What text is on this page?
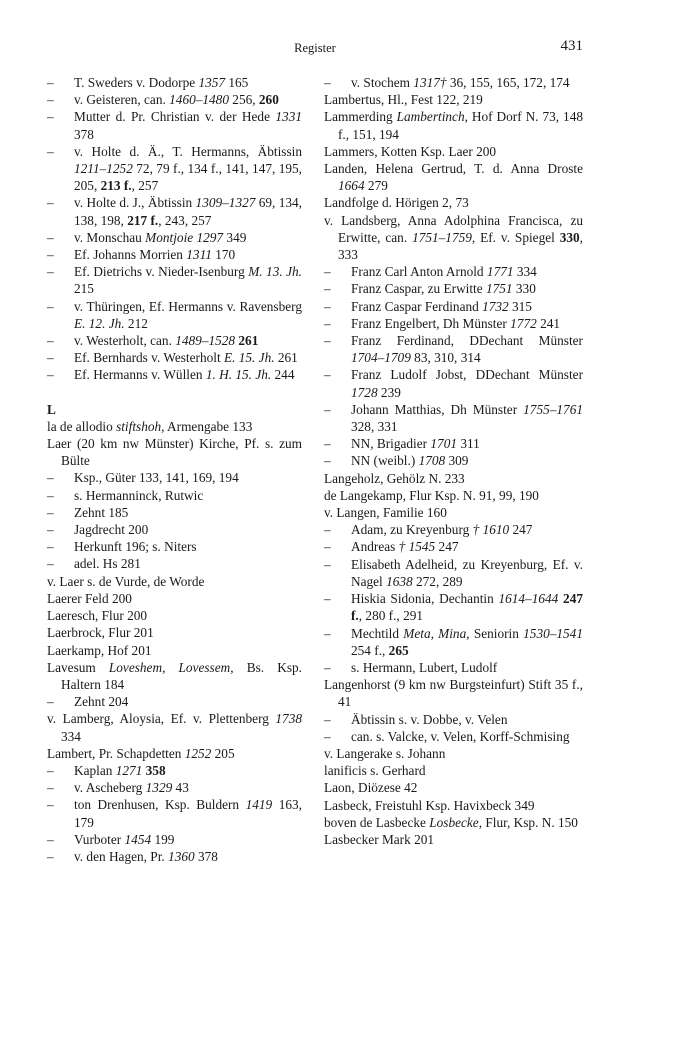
Register	431
–	T. Sweders v. Dodorpe 1357 165
–	v. Geisteren, can. 1460–1480 256, 260
–	Mutter d. Pr. Christian v. der Hede 1331 378
–	v. Holte d. Ä., T. Hermanns, Äbtissin 1211–1252 72, 79 f., 134 f., 141, 147, 195, 205, 213 f., 257
–	v. Holte d. J., Äbtissin 1309–1327 69, 134, 138, 198, 217 f., 243, 257
–	v. Monschau Montjoie 1297 349
–	Ef. Johanns Morrien 1311 170
–	Ef. Dietrichs v. Nieder-Isenburg M. 13. Jh. 215
–	v. Thüringen, Ef. Hermanns v. Ravensberg E. 12. Jh. 212
–	v. Westerholt, can. 1489–1528 261
–	Ef. Bernhards v. Westerholt E. 15. Jh. 261
–	Ef. Hermanns v. Wüllen 1. H. 15. Jh. 244
L
la de allodio stiftshoh, Armengabe 133
Laer (20 km nw Münster) Kirche, Pf. s. zum Bülte
–	Ksp., Güter 133, 141, 169, 194
–	s. Hermanninck, Rutwic
–	Zehnt 185
–	Jagdrecht 200
–	Herkunft 196; s. Niters
–	adel. Hs 281
v. Laer s. de Vurde, de Worde
Laerer Feld 200
Laeresch, Flur 200
Laerbrock, Flur 201
Laerkamp, Hof 201
Lavesum Loveshem, Lovessem, Bs. Ksp. Haltern 184
–	Zehnt 204
v. Lamberg, Aloysia, Ef. v. Plettenberg 1738 334
Lambert, Pr. Schapdetten 1252 205
–	Kaplan 1271 358
–	v. Ascheberg 1329 43
–	ton Drenhusen, Ksp. Buldern 1419 163, 179
–	Vurboter 1454 199
–	v. den Hagen, Pr. 1360 378
–	v. Stochem 1317† 36, 155, 165, 172, 174
Lambertus, Hl., Fest 122, 219
Lammerding Lambertinch, Hof Dorf N. 73, 148 f., 151, 194
Lammers, Kotten Ksp. Laer 200
Landen, Helena Gertrud, T. d. Anna Droste 1664 279
Landfolge d. Hörigen 2, 73
v. Landsberg, Anna Adolphina Francisca, zu Erwitte, can. 1751–1759, Ef. v. Spiegel 330, 333
–	Franz Carl Anton Arnold 1771 334
–	Franz Caspar, zu Erwitte 1751 330
–	Franz Caspar Ferdinand 1732 315
–	Franz Engelbert, Dh Münster 1772 241
–	Franz Ferdinand, DDechant Münster 1704–1709 83, 310, 314
–	Franz Ludolf Jobst, DDechant Münster 1728 239
–	Johann Matthias, Dh Münster 1755–1761 328, 331
–	NN, Brigadier 1701 311
–	NN (weibl.) 1708 309
Langeholz, Gehölz N. 233
de Langekamp, Flur Ksp. N. 91, 99, 190
v. Langen, Familie 160
–	Adam, zu Kreyenburg † 1610 247
–	Andreas † 1545 247
–	Elisabeth Adelheid, zu Kreyenburg, Ef. v. Nagel 1638 272, 289
–	Hiskia Sidonia, Dechantin 1614–1644 247 f., 280 f., 291
–	Mechtild Meta, Mina, Seniorin 1530–1541 254 f., 265
–	s. Hermann, Lubert, Ludolf
Langenhorst (9 km nw Burgsteinfurt) Stift 35 f., 41
–	Äbtissin s. v. Dobbe, v. Velen
–	can. s. Valcke, v. Velen, Korff-Schmising
v. Langerake s. Johann
lanificis s. Gerhard
Laon, Diözese 42
Lasbeck, Freistuhl Ksp. Havixbeck 349
boven de Lasbecke Losbecke, Flur, Ksp. N. 150
Lasbecker Mark 201
